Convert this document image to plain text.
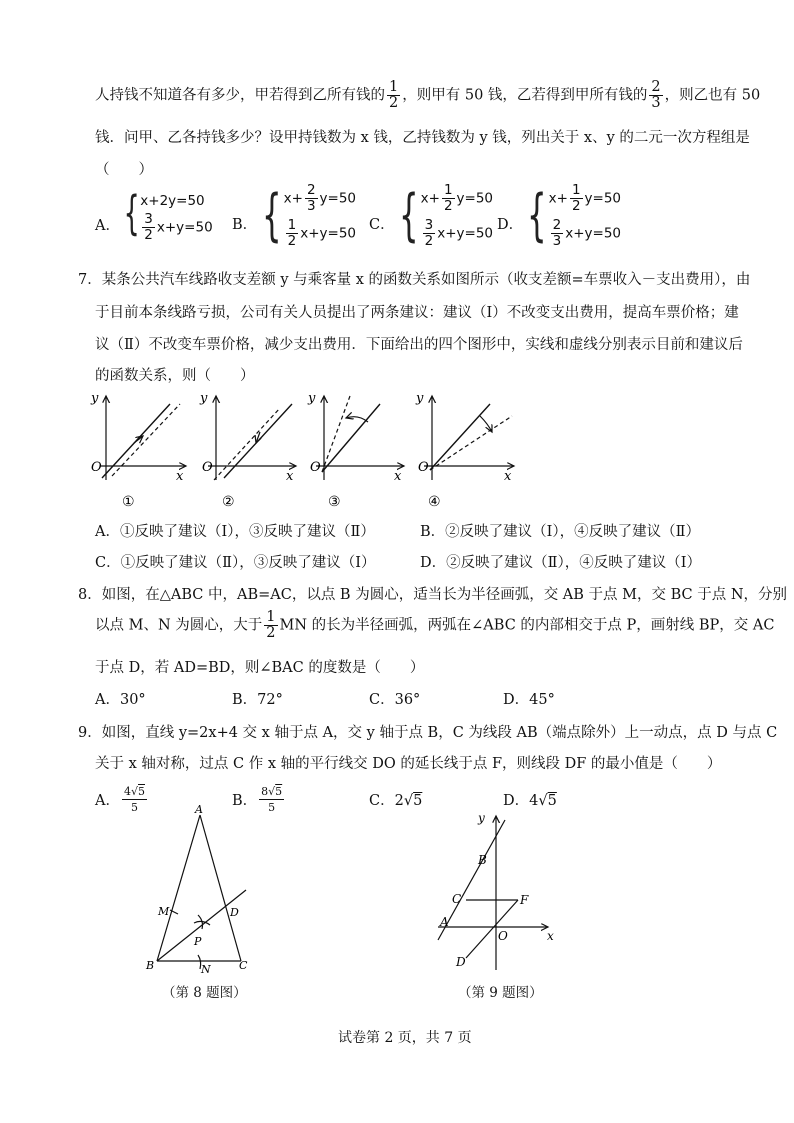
人持钱不知道各有多少，甲若得到乙所有钱的 $\frac{1}{2}$ ，则甲有 50 钱，乙若得到甲所有钱的 $\frac{2}{3}$ ，则乙也有 50
钱．问甲、乙各持钱多少？设甲持钱数为 x 钱，乙持钱数为 y 钱，列出关于 x、y 的二元一次方程组是
（　　）
A． { x+2y=50
$\frac{3}{2} x+y=50$ B． { $x+ \frac{2}{3} y=50$
$\frac{1}{2} x+y=50$
C． { $x+ \frac{1}{2} y=50$
$\frac{3}{2} x+y=50$
D． { $x+ \frac{1}{2} y=50$
$\frac{2}{3} x+y=50$
7．某条公共汽车线路收支差额 y 与乘客量 x 的函数关系如图所示（收支差额=车票收入－支出费用），由
于目前本条线路亏损，公司有关人员提出了两条建议：建议（Ⅰ）不改变支出费用，提高车票价格；建
议（Ⅱ）不改变车票价格，减少支出费用．下面给出的四个图形中，实线和虚线分别表示目前和建议后
的函数关系，则（　　）
y
x
O
①
y
x
O
②
y
x
O
③
y
x
O
④
A．①反映了建议（Ⅰ），③反映了建议（Ⅱ）	B．②反映了建议（Ⅰ），④反映了建议（Ⅱ）
C．①反映了建议（Ⅱ），③反映了建议（Ⅰ）	D．②反映了建议（Ⅱ），④反映了建议（Ⅰ）
8．如图，在△ABC 中，AB=AC，以点 B 为圆心，适当长为半径画弧，交 AB 于点 M，交 BC 于点 N，分别
以点 M、N 为圆心，大于 $\frac{1}{2}$ MN 的长为半径画弧，两弧在∠ABC 的内部相交于点 P，画射线 BP，交 AC
于点 D，若 AD=BD，则∠BAC 的度数是（　　）
A．30°	B．72°	C．36°	D．45°
9．如图，直线 y=2x+4 交 x 轴于点 A，交 y 轴于点 B，C 为线段 AB（端点除外）上一动点，点 D 与点 C
关于 x 轴对称，过点 C 作 x 轴的平行线交 DO 的延长线于点 F，则线段 DF 的最小值是（　　）
A． $\frac{4√5}{5}$	B． $\frac{8√5}{5}$	C．2√5	D．4√5
A
M	D
P
B	N	C
（第 8 题图）
y
B
C	F
A
O	x
D
（第 9 题图）
试卷第 2 页，共 7 页
